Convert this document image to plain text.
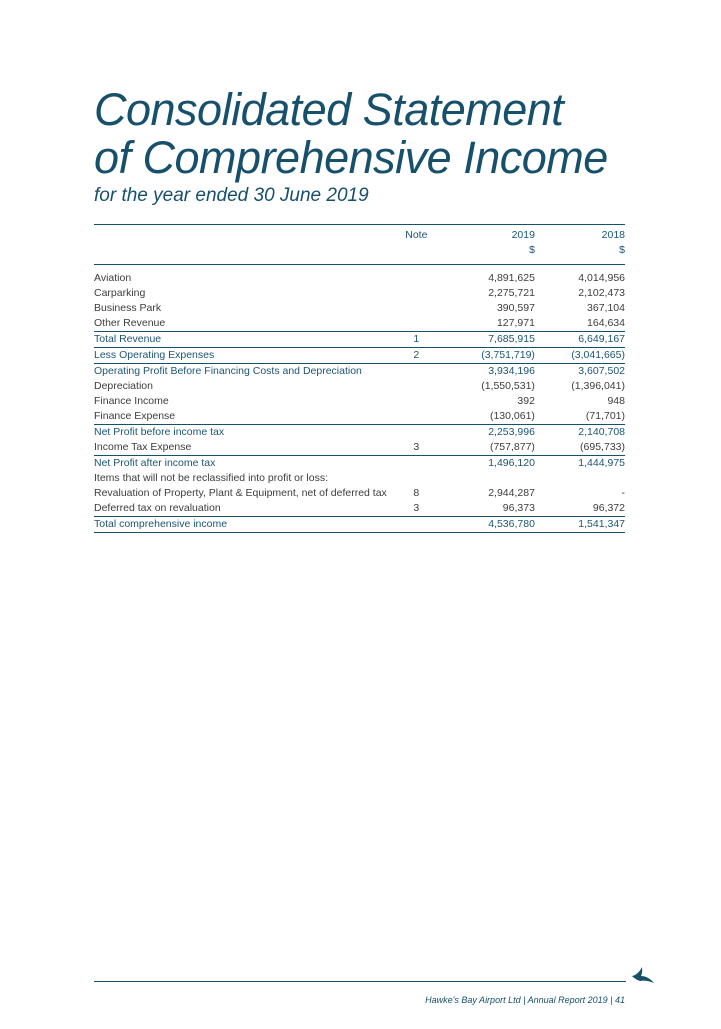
Consolidated Statement
of Comprehensive Income
for the year ended 30 June 2019
	Note	2019	2018
		$	$

Aviation		4,891,625	4,014,956
Carparking		2,275,721	2,102,473
Business Park		390,597	367,104
Other Revenue		127,971	164,634
Total Revenue	1	7,685,915	6,649,167
Less Operating Expenses	2	(3,751,719)	(3,041,665)
Operating Profit Before Financing Costs and Depreciation		3,934,196	3,607,502
Depreciation		(1,550,531)	(1,396,041)
Finance Income		392	948
Finance Expense		(130,061)	(71,701)
Net Profit before income tax		2,253,996	2,140,708
Income Tax Expense	3	(757,877)	(695,733)
Net Profit after income tax		1,496,120	1,444,975
Items that will not be reclassified into profit or loss:			
Revaluation of Property, Plant & Equipment, net of deferred tax	8	2,944,287	-
Deferred tax on revaluation	3	96,373	96,372
Total comprehensive income		4,536,780	1,541,347
Hawke's Bay Airport Ltd | Annual Report 2019 | 41
